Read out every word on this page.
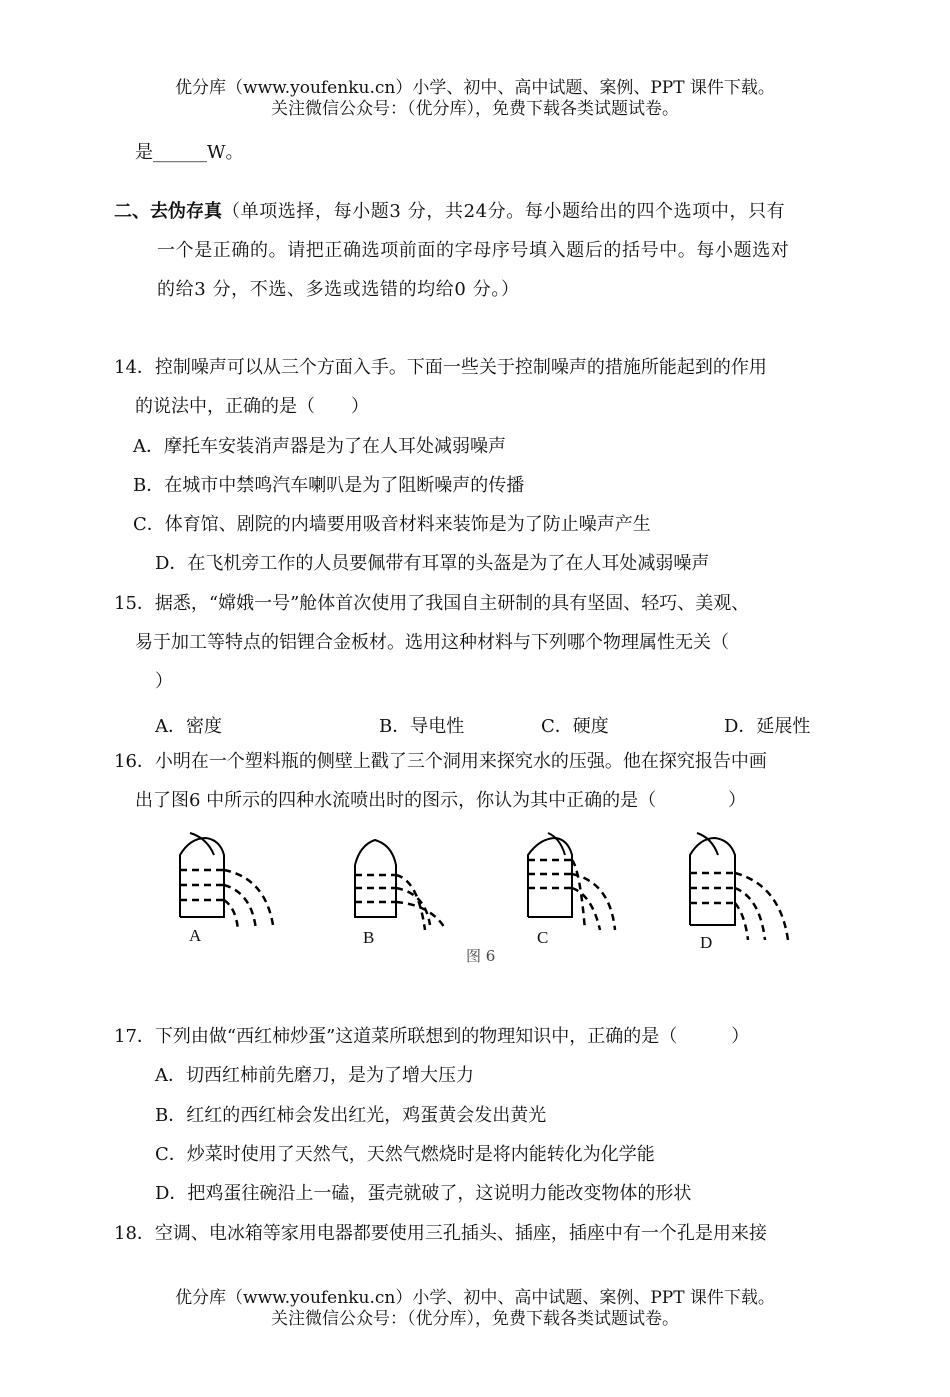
优分库（www.youfenku.cn）小学、初中、高中试题、案例、PPT 课件下载。
关注微信公众号：（优分库），免费下载各类试题试卷。
是______W。
二、去伪存真（单项选择，每小题3 分，共24分。每小题给出的四个选项中，只有
一个是正确的。请把正确选项前面的字母序号填入题后的括号中。每小题选对
的给3 分，不选、多选或选错的均给0 分。）
14．控制噪声可以从三个方面入手。下面一些关于控制噪声的措施所能起到的作用
的说法中，正确的是（　　）
A．摩托车安装消声器是为了在人耳处减弱噪声
B．在城市中禁鸣汽车喇叭是为了阻断噪声的传播
C．体育馆、剧院的内墙要用吸音材料来装饰是为了防止噪声产生
D．在飞机旁工作的人员要佩带有耳罩的头盔是为了在人耳处减弱噪声
15．据悉，“嫦娥一号”舱体首次使用了我国自主研制的具有坚固、轻巧、美观、
易于加工等特点的铝锂合金板材。选用这种材料与下列哪个物理属性无关（
）
A．密度	B．导电性	C．硬度	D．延展性
16．小明在一个塑料瓶的侧壁上戳了三个洞用来探究水的压强。他在探究报告中画
出了图6 中所示的四种水流喷出时的图示，你认为其中正确的是（　　　　）
A	B	C	D
图 6
17．下列由做“西红柿炒蛋”这道菜所联想到的物理知识中，正确的是（　　　）
A．切西红柿前先磨刀，是为了增大压力
B．红红的西红柿会发出红光，鸡蛋黄会发出黄光
C．炒菜时使用了天然气，天然气燃烧时是将内能转化为化学能
D．把鸡蛋往碗沿上一磕，蛋壳就破了，这说明力能改变物体的形状
18．空调、电冰箱等家用电器都要使用三孔插头、插座，插座中有一个孔是用来接
优分库（www.youfenku.cn）小学、初中、高中试题、案例、PPT 课件下载。
关注微信公众号：（优分库），免费下载各类试题试卷。
